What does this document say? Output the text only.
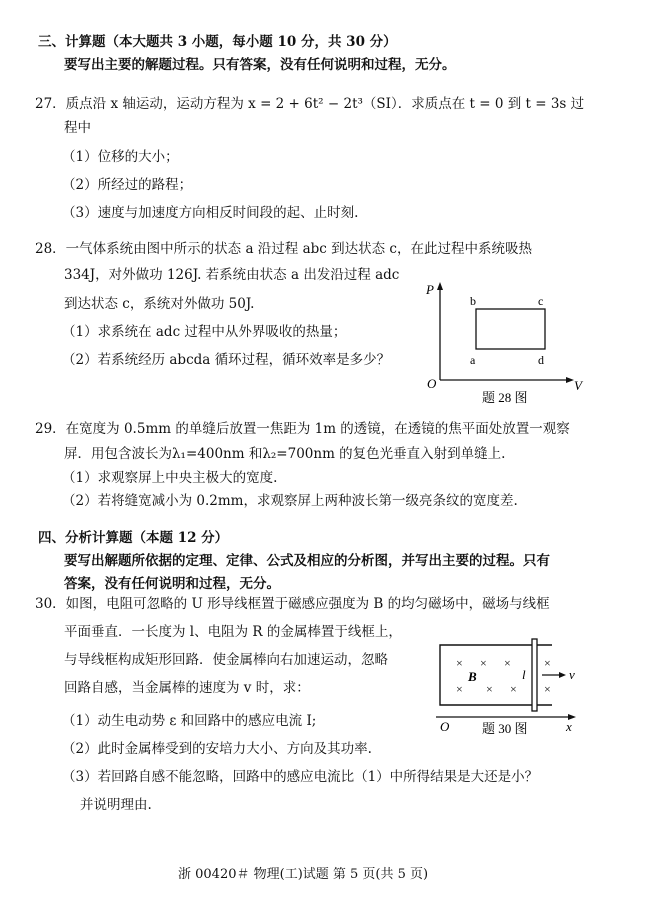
三、计算题（本大题共 3 小题，每小题 10 分，共 30 分）
要写出主要的解题过程。只有答案，没有任何说明和过程，无分。
27．质点沿 x 轴运动，运动方程为 x = 2 + 6t² − 2t³（SI）．求质点在 t = 0 到 t = 3s 过
程中
（1）位移的大小；
（2）所经过的路程；
（3）速度与加速度方向相反时间段的起、止时刻.
28．一气体系统由图中所示的状态 a 沿过程 abc 到达状态 c，在此过程中系统吸热
334J，对外做功 126J. 若系统由状态 a 出发沿过程 adc
到达状态 c，系统对外做功 50J.
（1）求系统在 adc 过程中从外界吸收的热量；
（2）若系统经历 abcda 循环过程，循环效率是多少？
P
V
O
b	c
a	d
题 28 图
29．在宽度为 0.5mm 的单缝后放置一焦距为 1m 的透镜，在透镜的焦平面处放置一观察
屏．用包含波长为λ₁=400nm 和λ₂=700nm 的复色光垂直入射到单缝上.
（1）求观察屏上中央主极大的宽度.
（2）若将缝宽减小为 0.2mm，求观察屏上两种波长第一级亮条纹的宽度差.
四、分析计算题（本题 12 分）
要写出解题所依据的定理、定律、公式及相应的分析图，并写出主要的过程。只有
答案，没有任何说明和过程，无分。
30．如图，电阻可忽略的 U 形导线框置于磁感应强度为 B 的均匀磁场中，磁场与线框
平面垂直．一长度为 l、电阻为 R 的金属棒置于线框上，
与导线框构成矩形回路．使金属棒向右加速运动，忽略
回路自感，当金属棒的速度为 v 时，求：
（1）动生电动势 ε 和回路中的感应电流 I;
（2）此时金属棒受到的安培力大小、方向及其功率.
（3）若回路自感不能忽略，回路中的感应电流比（1）中所得结果是大还是小？
并说明理由.
× × ×	×
× × × ×
B	l	v
O	x
题 30 图
浙 00420＃ 物理(工)试题 第 5 页(共 5 页)
